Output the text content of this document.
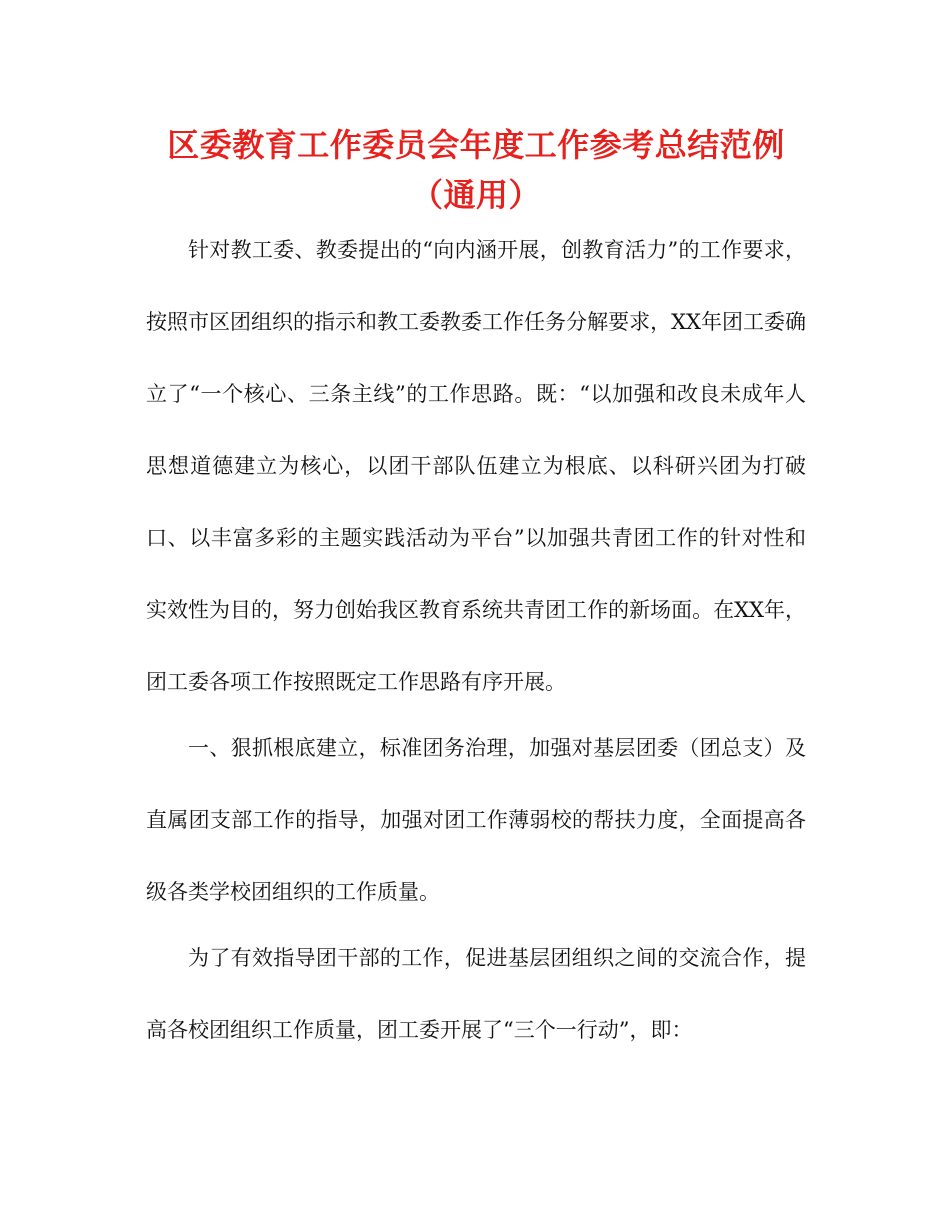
区委教育工作委员会年度工作参考总结范例（通用）

针对教工委、教委提出的“向内涵开展，创教育活力”的工作要求，按照市区团组织的指示和教工委教委工作任务分解要求，XX年团工委确立了“一个核心、三条主线”的工作思路。既：“以加强和改良未成年人思想道德建立为核心，以团干部队伍建立为根底、以科研兴团为打破口、以丰富多彩的主题实践活动为平台”以加强共青团工作的针对性和实效性为目的，努力创始我区教育系统共青团工作的新场面。在XX年，团工委各项工作按照既定工作思路有序开展。

一、狠抓根底建立，标准团务治理，加强对基层团委（团总支）及直属团支部工作的指导，加强对团工作薄弱校的帮扶力度，全面提高各级各类学校团组织的工作质量。

为了有效指导团干部的工作，促进基层团组织之间的交流合作，提高各校团组织工作质量，团工委开展了“三个一行动”，即：
